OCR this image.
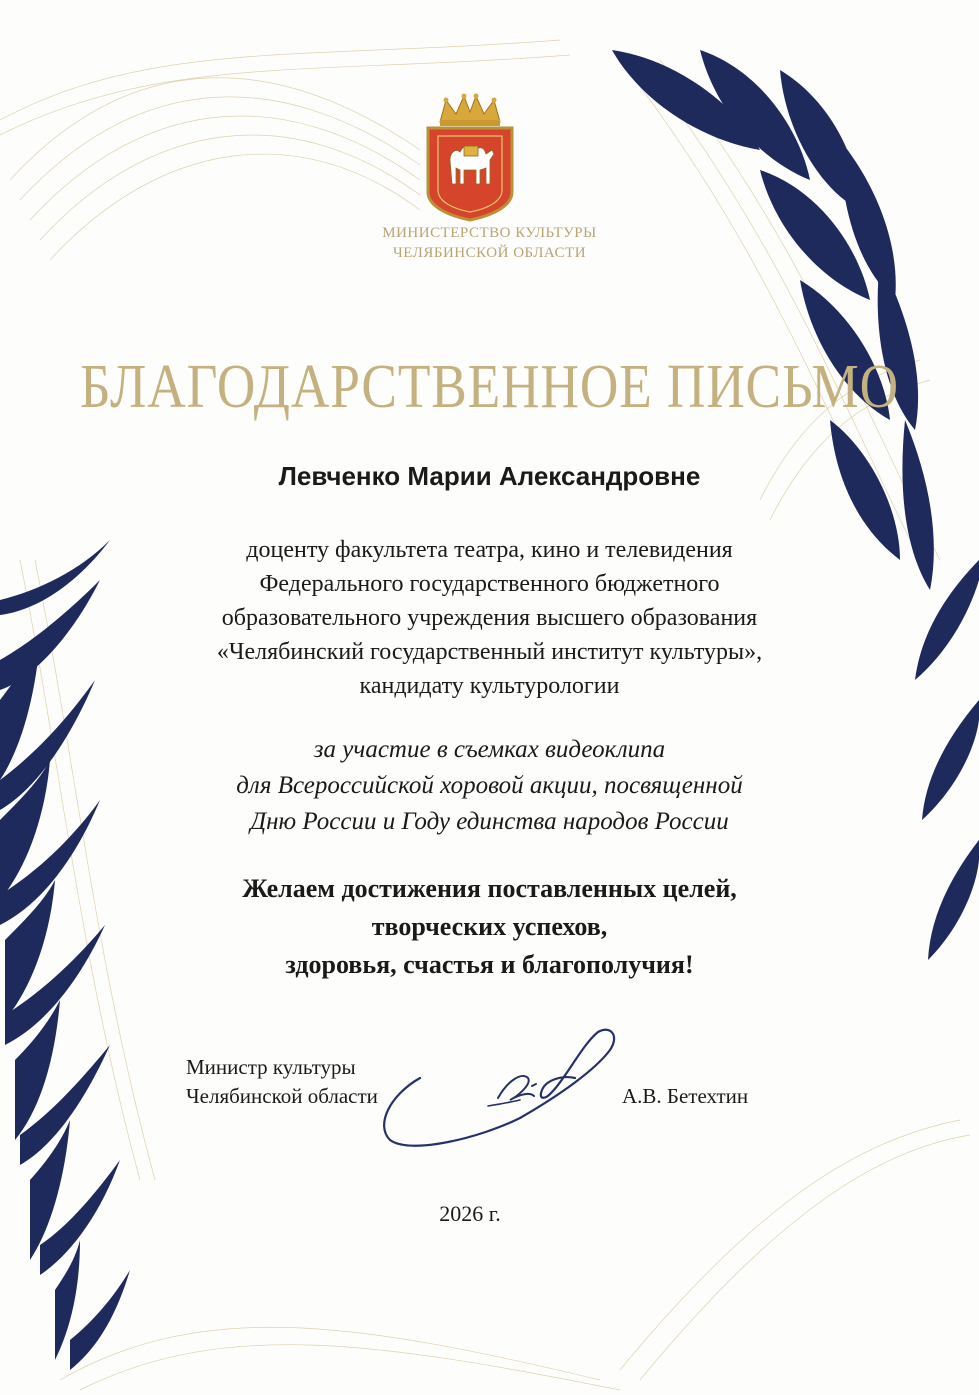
МИНИСТЕРСТВО КУЛЬТУРЫ
ЧЕЛЯБИНСКОЙ ОБЛАСТИ
БЛАГОДАРСТВЕННОЕ ПИСЬМО
Левченко Марии Александровне
доценту факультета театра, кино и телевидения
Федерального государственного бюджетного
образовательного учреждения высшего образования
«Челябинский государственный институт культуры»,
кандидату культурологии
за участие в съемках видеоклипа
для Всероссийской хоровой акции, посвященной
Дню России и Году единства народов России
Желаем достижения поставленных целей,
творческих успехов,
здоровья, счастья и благополучия!
Министр культуры
Челябинской области	А.В. Бетехтин
2026 г.
